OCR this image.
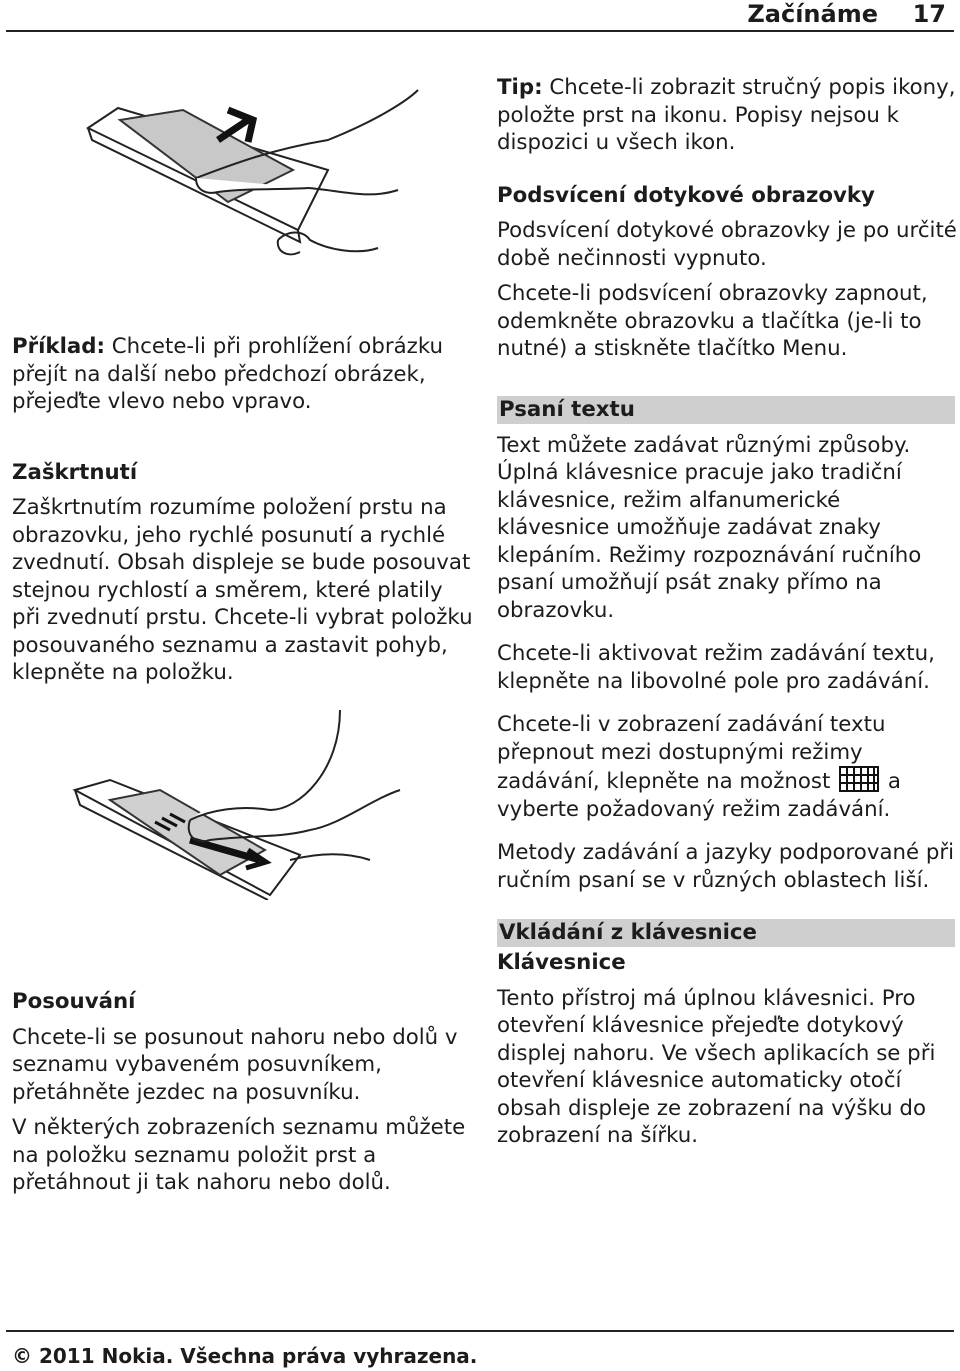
Začínáme 17

Příklad: Chcete-li při prohlížení obrázku přejít na další nebo předchozí obrázek, přejeďte vlevo nebo vpravo.

Zaškrtnutí

Zaškrtnutím rozumíme položení prstu na obrazovku, jeho rychlé posunutí a rychlé zvednutí. Obsah displeje se bude posouvat stejnou rychlostí a směrem, které platily při zvednutí prstu. Chcete-li vybrat položku posouvaného seznamu a zastavit pohyb, klepněte na položku.

Posouvání

Chcete-li se posunout nahoru nebo dolů v seznamu vybaveném posuvníkem, přetáhněte jezdec na posuvníku.

V některých zobrazeních seznamu můžete na položku seznamu položit prst a přetáhnout ji tak nahoru nebo dolů.

Tip: Chcete-li zobrazit stručný popis ikony, položte prst na ikonu. Popisy nejsou k dispozici u všech ikon.

Podsvícení dotykové obrazovky

Podsvícení dotykové obrazovky je po určité době nečinnosti vypnuto.

Chcete-li podsvícení obrazovky zapnout, odemkněte obrazovku a tlačítka (je-li to nutné) a stiskněte tlačítko Menu.

Psaní textu

Text můžete zadávat různými způsoby. Úplná klávesnice pracuje jako tradiční klávesnice, režim alfanumerické klávesnice umožňuje zadávat znaky klepáním. Režimy rozpoznávání ručního psaní umožňují psát znaky přímo na obrazovku.

Chcete-li aktivovat režim zadávání textu, klepněte na libovolné pole pro zadávání.

Chcete-li v zobrazení zadávání textu přepnout mezi dostupnými režimy zadávání, klepněte na možnost  a vyberte požadovaný režim zadávání.

Metody zadávání a jazyky podporované při ručním psaní se v různých oblastech liší.

Vkládání z klávesnice
Klávesnice

Tento přístroj má úplnou klávesnici. Pro otevření klávesnice přejeďte dotykový displej nahoru. Ve všech aplikacích se při otevření klávesnice automaticky otočí obsah displeje ze zobrazení na výšku do zobrazení na šířku.

© 2011 Nokia. Všechna práva vyhrazena.
